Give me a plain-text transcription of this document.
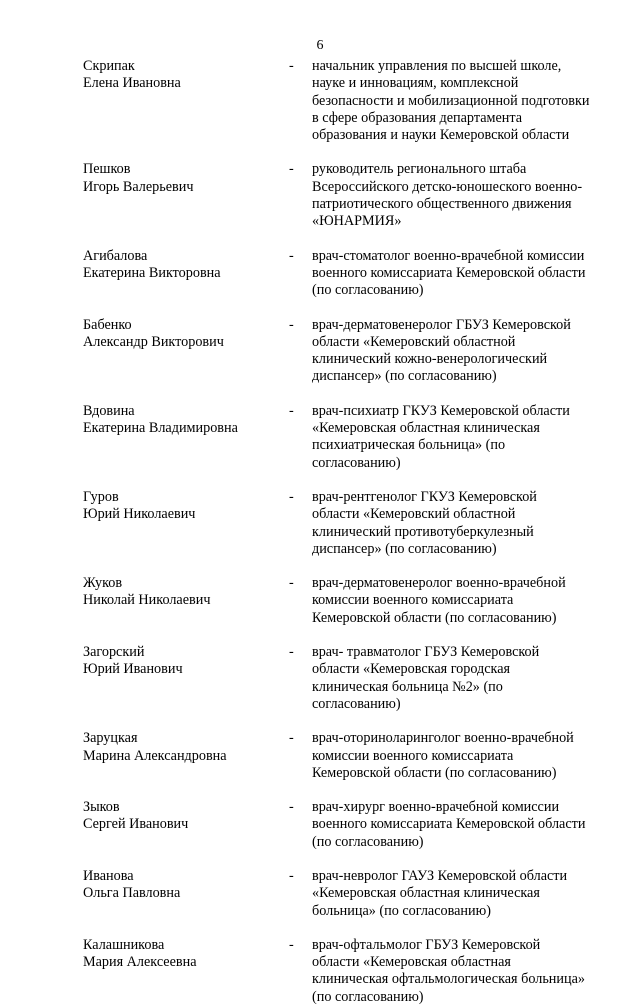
6
Скрипак
Елена Ивановна
- начальник управления по высшей школе,
науке и инновациям, комплексной
безопасности и мобилизационной подготовки
в сфере образования департамента
образования и науки Кемеровской области
Пешков
Игорь Валерьевич
- руководитель регионального штаба
Всероссийского детско-юношеского военно-
патриотического общественного движения
«ЮНАРМИЯ»
Агибалова
Екатерина Викторовна
- врач-стоматолог военно-врачебной комиссии
военного комиссариата Кемеровской области
(по согласованию)
Бабенко
Александр Викторович
- врач-дерматовенеролог ГБУЗ Кемеровской
области «Кемеровский областной
клинический кожно-венерологический
диспансер» (по согласованию)
Вдовина
Екатерина Владимировна
- врач-психиатр ГКУЗ Кемеровской области
«Кемеровская областная клиническая
психиатрическая больница» (по
согласованию)
Гуров
Юрий Николаевич
- врач-рентгенолог ГКУЗ Кемеровской
области «Кемеровский областной
клинический противотуберкулезный
диспансер» (по согласованию)
Жуков
Николай Николаевич
- врач-дерматовенеролог военно-врачебной
комиссии военного комиссариата
Кемеровской области (по согласованию)
Загорский
Юрий Иванович
- врач- травматолог ГБУЗ Кемеровской
области «Кемеровская городская
клиническая больница №2» (по
согласованию)
Заруцкая
Марина Александровна
- врач-оториноларинголог военно-врачебной
комиссии военного комиссариата
Кемеровской области (по согласованию)
Зыков
Сергей Иванович
- врач-хирург военно-врачебной комиссии
военного комиссариата Кемеровской области
(по согласованию)
Иванова
Ольга Павловна
- врач-невролог ГАУЗ Кемеровской области
«Кемеровская областная клиническая
больница» (по согласованию)
Калашникова
Мария Алексеевна
- врач-офтальмолог ГБУЗ Кемеровской
области «Кемеровская областная
клиническая офтальмологическая больница»
(по согласованию)
